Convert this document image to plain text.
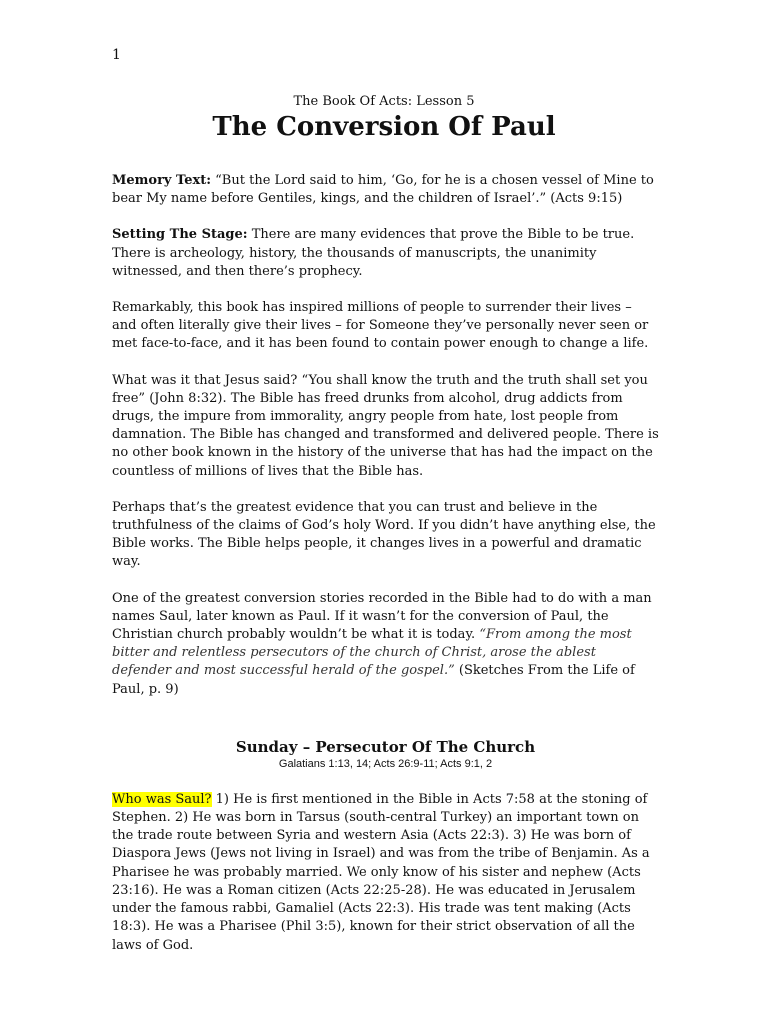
1
The Book Of Acts: Lesson 5
The Conversion Of Paul

Memory Text: “But the Lord said to him, ‘Go, for he is a chosen vessel of Mine to bear My name before Gentiles, kings, and the children of Israel’.” (Acts 9:15)

Setting The Stage: There are many evidences that prove the Bible to be true. There is archeology, history, the thousands of manuscripts, the unanimity witnessed, and then there’s prophecy.

Remarkably, this book has inspired millions of people to surrender their lives – and often literally give their lives – for Someone they’ve personally never seen or met face-to-face, and it has been found to contain power enough to change a life.

What was it that Jesus said? “You shall know the truth and the truth shall set you free” (John 8:32). The Bible has freed drunks from alcohol, drug addicts from drugs, the impure from immorality, angry people from hate, lost people from damnation. The Bible has changed and transformed and delivered people. There is no other book known in the history of the universe that has had the impact on the countless of millions of lives that the Bible has.

Perhaps that’s the greatest evidence that you can trust and believe in the truthfulness of the claims of God’s holy Word. If you didn’t have anything else, the Bible works. The Bible helps people, it changes lives in a powerful and dramatic way.

One of the greatest conversion stories recorded in the Bible had to do with a man names Saul, later known as Paul. If it wasn’t for the conversion of Paul, the Christian church probably wouldn’t be what it is today. “From among the most bitter and relentless persecutors of the church of Christ, arose the ablest defender and most successful herald of the gospel.” (Sketches From the Life of Paul, p. 9)

Sunday – Persecutor Of The Church
Galatians 1:13, 14; Acts 26:9-11; Acts 9:1, 2

Who was Saul? 1) He is first mentioned in the Bible in Acts 7:58 at the stoning of Stephen. 2) He was born in Tarsus (south-central Turkey) an important town on the trade route between Syria and western Asia (Acts 22:3). 3) He was born of Diaspora Jews (Jews not living in Israel) and was from the tribe of Benjamin. As a Pharisee he was probably married. We only know of his sister and nephew (Acts 23:16). He was a Roman citizen (Acts 22:25-28). He was educated in Jerusalem under the famous rabbi, Gamaliel (Acts 22:3). His trade was tent making (Acts 18:3). He was a Pharisee (Phil 3:5), known for their strict observation of all the laws of God.
